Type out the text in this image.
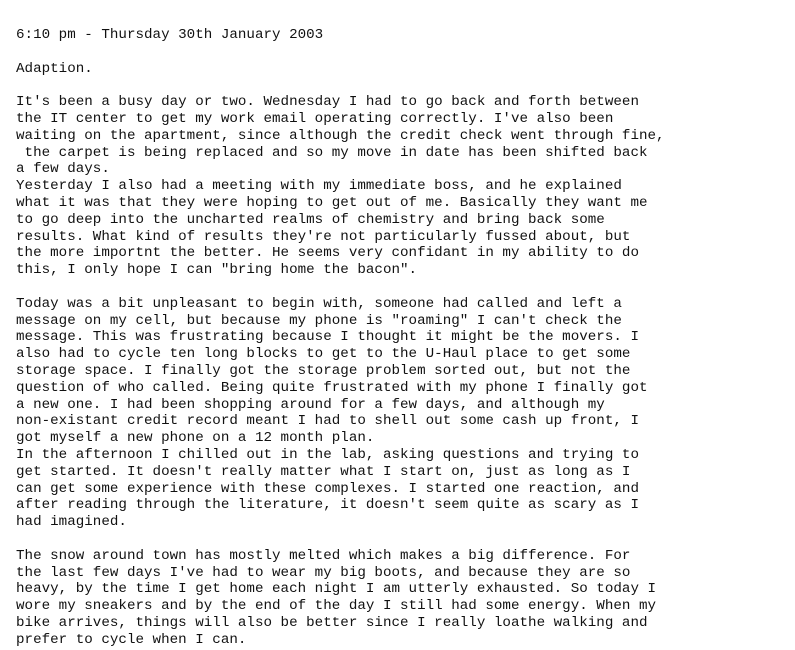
6:10 pm - Thursday 30th January 2003
Adaption.
It's been a busy day or two. Wednesday I had to go back and forth between
the IT center to get my work email operating correctly. I've also been
waiting on the apartment, since although the credit check went through fine,
the carpet is being replaced and so my move in date has been shifted back
a few days.
Yesterday I also had a meeting with my immediate boss, and he explained
what it was that they were hoping to get out of me. Basically they want me
to go deep into the uncharted realms of chemistry and bring back some
results. What kind of results they're not particularly fussed about, but
the more importnt the better. He seems very confidant in my ability to do
this, I only hope I can "bring home the bacon".
Today was a bit unpleasant to begin with, someone had called and left a
message on my cell, but because my phone is "roaming" I can't check the
message. This was frustrating because I thought it might be the movers. I
also had to cycle ten long blocks to get to the U-Haul place to get some
storage space. I finally got the storage problem sorted out, but not the
question of who called. Being quite frustrated with my phone I finally got
a new one. I had been shopping around for a few days, and although my
non-existant credit record meant I had to shell out some cash up front, I
got myself a new phone on a 12 month plan.
In the afternoon I chilled out in the lab, asking questions and trying to
get started. It doesn't really matter what I start on, just as long as I
can get some experience with these complexes. I started one reaction, and
after reading through the literature, it doesn't seem quite as scary as I
had imagined.
The snow around town has mostly melted which makes a big difference. For
the last few days I've had to wear my big boots, and because they are so
heavy, by the time I get home each night I am utterly exhausted. So today I
wore my sneakers and by the end of the day I still had some energy. When my
bike arrives, things will also be better since I really loathe walking and
prefer to cycle when I can.
